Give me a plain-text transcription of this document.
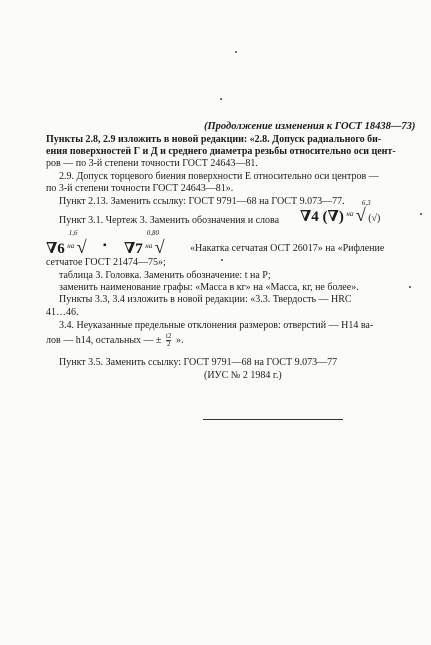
(Продолжение изменения к ГОСТ 18438—73)
Пункты 2.8, 2.9 изложить в новой редакции: «2.8. Допуск радиального би-
ения поверхностей Г и Д и среднего диаметра резьбы относительно оси цент-
ров — по 3-й степени точности ГОСТ 24643—81.
2.9. Допуск торцевого биения поверхности Е относительно оси центров —
по 3-й степени точности ГОСТ 24643—81».
Пункт 2.13. Заменить ссылку: ГОСТ 9791—68 на ГОСТ 9.073—77.
Пункт 3.1. Чертеж 3. Заменить обозначения и слова ∇4 (∇) $^{на}$ √
6,3
(√)
∇6 $^{на}$ √
1,6
▪ ∇7 $^{на}$ √
0,80
«Накатка сетчатая ОСТ 26017» на «Рифление
сетчатое ГОСТ 21474—75»;
таблица 3. Головка. Заменить обозначение: t на P;
заменить наименование графы: «Масса в кг» на «Масса, кг, не более».
Пункты 3.3, 3.4 изложить в новой редакции: «3.3. Твердость — HRC
41…46.
3.4. Неуказанные предельные отклонения размеров: отверстий — H14 ва-
лов — h14, остальных — ± $\frac{t2}{2}$ ».
Пункт 3.5. Заменить ссылку: ГОСТ 9791—68 на ГОСТ 9.073—77
(ИУС № 2 1984 г.)
